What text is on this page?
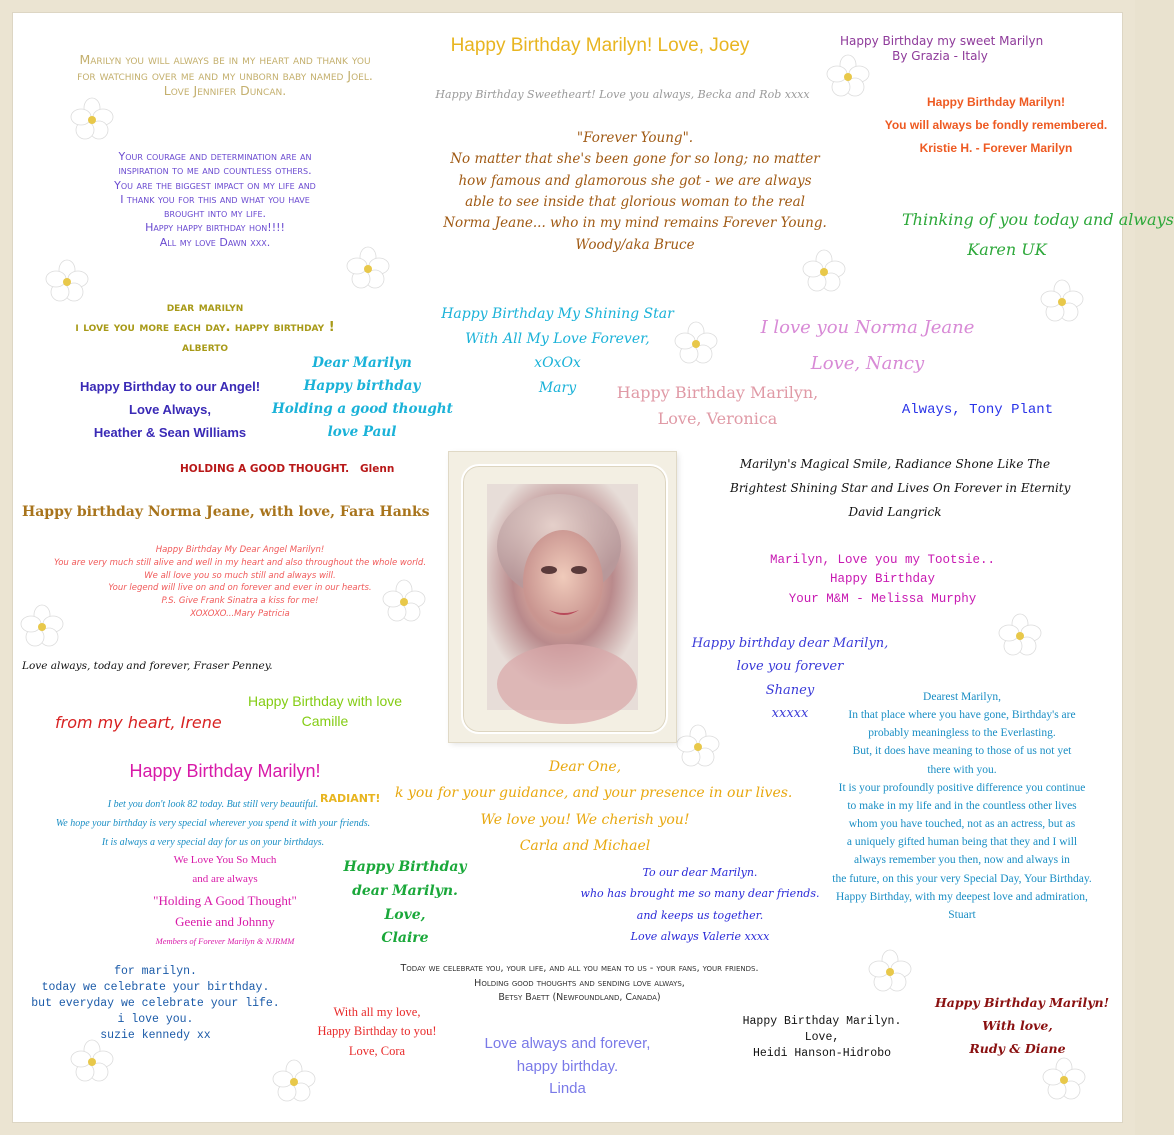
Marilyn you will always be in my heart and thank you
for watching over me and my unborn baby named Joel.
Love Jennifer Duncan.

Happy Birthday Marilyn! Love, Joey	Happy Birthday my sweet Marilyn
By Grazia - Italy

Happy Birthday Sweetheart! Love you always, Becka and Rob xxxx

Happy Birthday Marilyn!
You will always be fondly remembered.
Kristie H. - Forever Marilyn

Your courage and determination are an
inspiration to me and countless others.
You are the biggest impact on my life and
I thank you for this and what you have
brought into my life.
Happy happy birthday hon!!!!
All my love Dawn xxx.

"Forever Young".
No matter that she's been gone for so long; no matter
how famous and glamorous she got - we are always
able to see inside that glorious woman to the real
Norma Jeane... who in my mind remains Forever Young.
Woody/aka Bruce

Thinking of you today and always
Karen UK

dear marilyn
i love you more each day. happy birthday !
alberto

Happy Birthday My Shining Star
With All My Love Forever,
xOxOx
Mary

I love you Norma Jeane
Love, Nancy

Happy Birthday to our Angel!
Love Always,
Heather & Sean Williams

Dear Marilyn
Happy birthday
Holding a good thought
love Paul

Happy Birthday Marilyn,
Love, Veronica	Always, Tony Plant

HOLDING A GOOD THOUGHT. Glenn

Happy birthday Norma Jeane, with love, Fara Hanks

Marilyn's Magical Smile, Radiance Shone Like The
Brightest Shining Star and Lives On Forever in Eternity
David Langrick

Happy Birthday My Dear Angel Marilyn!
You are very much still alive and well in my heart and also throughout the whole world.
We all love you so much still and always will.
Your legend will live on and on forever and ever in our hearts.
P.S. Give Frank Sinatra a kiss for me!
XOXOXO...Mary Patricia

Marilyn, Love you my Tootsie..
Happy Birthday
Your M&M - Melissa Murphy

Love always, today and forever, Fraser Penney.

Happy birthday dear Marilyn,
love you forever
Shaney
xxxxx

Happy Birthday with love
Camille

from my heart, Irene

Dearest Marilyn,
In that place where you have gone, Birthday's are
probably meaningless to the Everlasting.
But, it does have meaning to those of us not yet
there with you.
It is your profoundly positive difference you continue
to make in my life and in the countless other lives
whom you have touched, not as an actress, but as
a uniquely gifted human being that they and I will
always remember you then, now and always in
the future, on this your very Special Day, Your Birthday.
Happy Birthday, with my deepest love and admiration,
Stuart

Dear One,
k you for your guidance, and your presence in our lives.
We love you! We cherish you!
Carla and Michael

Happy Birthday Marilyn!

I bet you don't look 82 today. But still very beautiful.
We hope your birthday is very special wherever you spend it with your friends.
It is always a very special day for us on your birthdays.

RADIANT!

We Love You So Much
and are always

"Holding A Good Thought"
Geenie and Johnny

Members of Forever Marilyn & NJRMM

Happy Birthday
dear Marilyn.
Love,
Claire

To our dear Marilyn.
who has brought me so many dear friends.
and keeps us together.
Love always Valerie xxxx

for marilyn.
today we celebrate your birthday.
but everyday we celebrate your life.
i love you.
suzie kennedy xx

Today we celebrate you, your life, and all you mean to us - your fans, your friends.
Holding good thoughts and sending love always,
Betsy Baett (Newfoundland, Canada)	Happy Birthday Marilyn!
With love,
Rudy & Diane

Happy Birthday Marilyn.
Love,
Heidi Hanson-Hidrobo

With all my love,
Happy Birthday to you!
Love, Cora	Love always and forever,
happy birthday.
Linda
